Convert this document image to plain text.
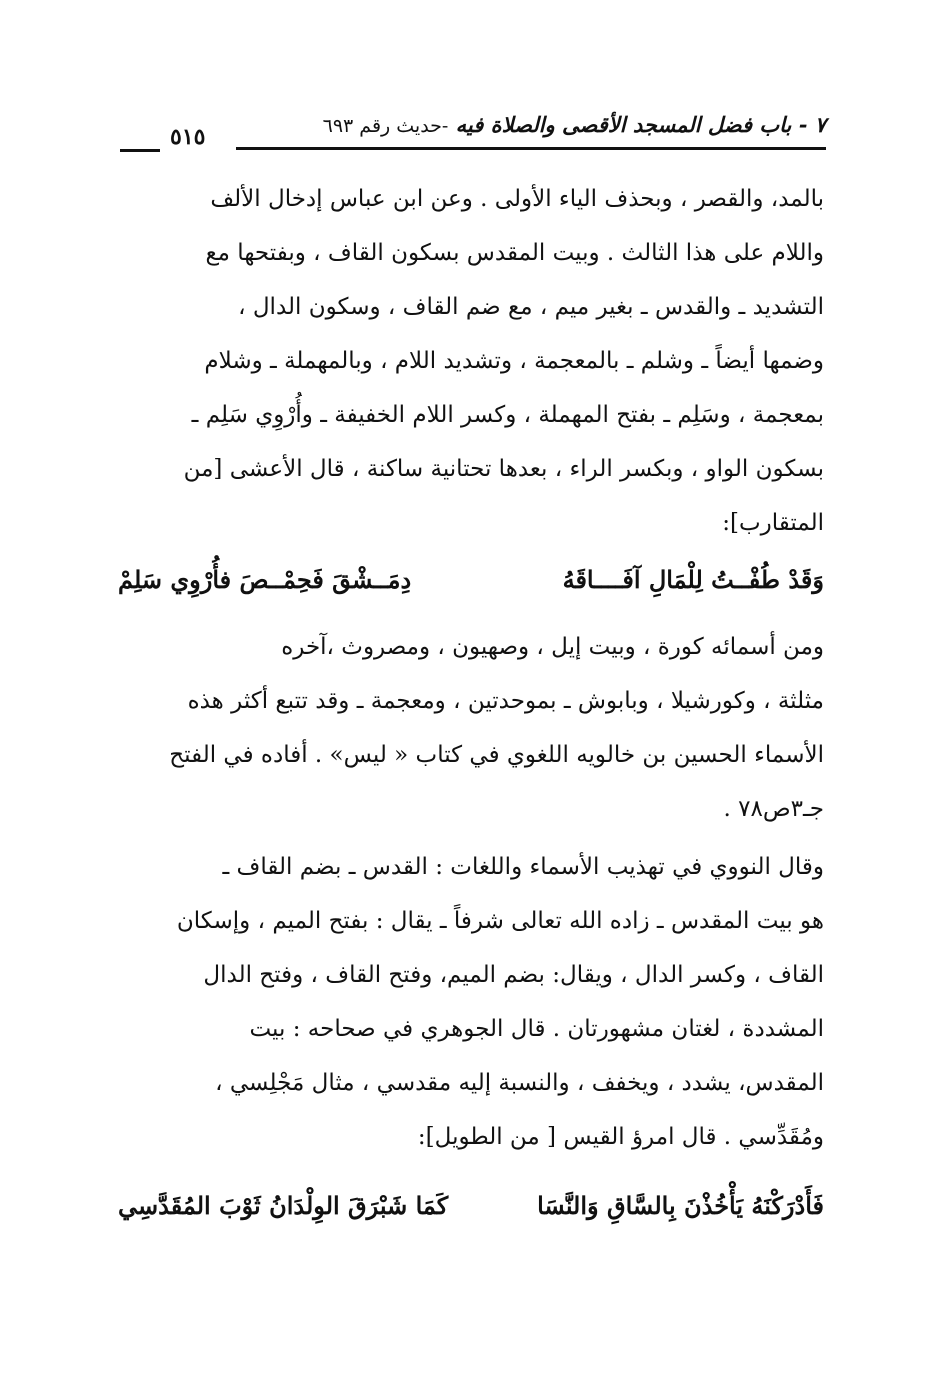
٧ - باب فضل المسجد الأقصى والصلاة فيه -حديث رقم ٦٩٣
٥١٥
بالمد، والقصر ، وبحذف الياء الأولى . وعن ابن عباس إدخال الألف
واللام على هذا الثالث . وبيت المقدس بسكون القاف ، وبفتحها مع
التشديد ـ والقدس ـ بغير ميم ، مع ضم القاف ، وسكون الدال ،
وضمها أيضاً ـ وشلم ـ بالمعجمة ، وتشديد اللام ، وبالمهملة ـ وشلام
بمعجمة ، وسَلِم ـ بفتح المهملة ، وكسر اللام الخفيفة ـ وأُرْوِي سَلِم ـ
بسكون الواو ، وبكسر الراء ، بعدها تحتانية ساكنة ، قال الأعشى [من
المتقارب]:
وَقَدْ طُفْــتُ لِلْمَالِ آفَــــاقَهُ
دِمَــشْقَ فَحِمْــصَ فأُرْوِي سَلِمْ
ومن أسمائه كورة ، وبيت إيل ، وصهيون ، ومصروث ،آخره
مثلثة ، وكورشيلا ، وبابوش ـ بموحدتين ، ومعجمة ـ وقد تتبع أكثر هذه
الأسماء الحسين بن خالويه اللغوي في كتاب « ليس» . أفاده في الفتح
جـ٣ص٧٨ .
وقال النووي في تهذيب الأسماء واللغات : القدس ـ بضم القاف ـ
هو بيت المقدس ـ زاده الله تعالى شرفاً ـ يقال : بفتح الميم ، وإسكان
القاف ، وكسر الدال ، ويقال: بضم الميم، وفتح القاف ، وفتح الدال
المشددة ، لغتان مشهورتان . قال الجوهري في صحاحه : بيت
المقدس، يشدد ، ويخفف ، والنسبة إليه مقدسي ، مثال مَجْلِسي ،
ومُقَدِّسي . قال امرؤ القيس [ من الطويل]:
فَأَدْرَكْنَهُ يَأْخُذْنَ بِالسَّاقِ وَالنَّسَا
كَمَا شَبْرَقَ الوِلْدَانُ ثَوْبَ المُقَدَّسِي
